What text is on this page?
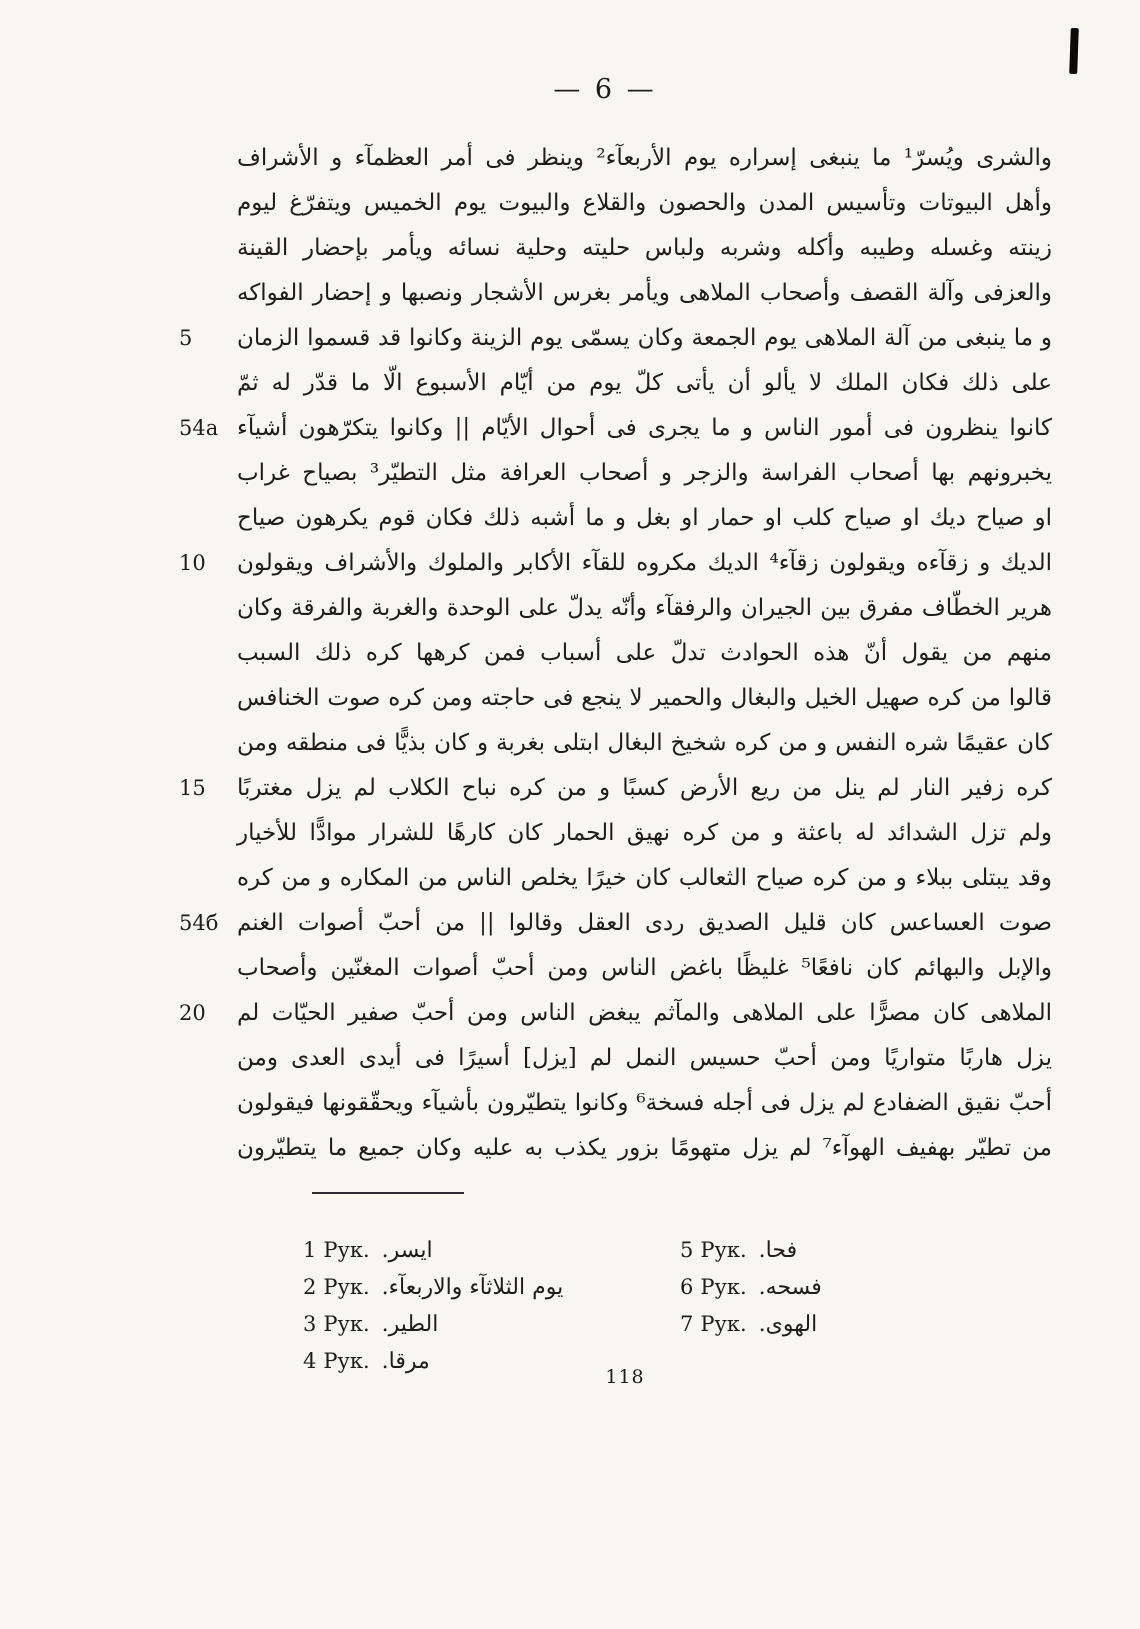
— 6 —
والشرى ويُسرّ¹ ما ينبغى إسراره يوم الأربعآء² وينظر فى أمر العظمآء و الأشراف
وأهل البيوتات وتأسيس المدن والحصون والقلاع والبيوت يوم الخميس ويتفرّغ ليوم
زينته وغسله وطيبه وأكله وشربه ولباس حليته وحلية نسائه ويأمر بإحضار القينة
والعزفى وآلة القصف وأصحاب الملاهى ويأمر بغرس الأشجار ونصبها و إحضار الفواكه
5	و ما ينبغى من آلة الملاهى يوم الجمعة وكان يسمّى يوم الزينة وكانوا قد قسموا الزمان
على ذلك فكان الملك لا يألو أن يأتى كلّ يوم من أيّام الأسبوع الّا ما قدّر له ثمّ
54a كانوا ينظرون فى أمور الناس و ما يجرى فى أحوال الأيّام || وكانوا يتكرّهون أشيآء
يخبرونهم بها أصحاب الفراسة والزجر و أصحاب العرافة مثل التطيّر³ بصياح غراب
او صياح ديك او صياح كلب او حمار او بغل و ما أشبه ذلك فكان قوم يكرهون صياح
10	الديك و زقآءه ويقولون زقآء⁴ الديك مكروه للقآء الأكابر والملوك والأشراف ويقولون
هرير الخطّاف مفرق بين الجيران والرفقآء وأنّه يدلّ على الوحدة والغربة والفرقة وكان
منهم من يقول أنّ هذه الحوادث تدلّ على أسباب فمن كرهها كره ذلك السبب
قالوا من كره صهيل الخيل والبغال والحمير لا ينجع فى حاجته ومن كره صوت الخنافس
كان عقيمًا شره النفس و من كره شخيخ البغال ابتلى بغربة و كان بذيًّا فى منطقه ومن
15	كره زفير النار لم ينل من ريع الأرض كسبًا و من كره نباح الكلاب لم يزل مغتربًا
ولم تزل الشدائد له باعثة و من كره نهيق الحمار كان كارهًا للشرار موادًّا للأخيار
وقد يبتلى ببلاء و من كره صياح الثعالب كان خيرًا يخلص الناس من المكاره و من كره
54б صوت العساعس كان قليل الصديق ردى العقل وقالوا || من أحبّ أصوات الغنم
والإبل والبهائم كان نافعًا⁵ غليظًا باغض الناس ومن أحبّ أصوات المغنّين وأصحاب
20	الملاهى كان مصرًّا على الملاهى والمآثم يبغض الناس ومن أحبّ صفير الحيّات لم
يزل هاربًا متواريًا ومن أحبّ حسيس النمل لم [يزل] أسيرًا فى أيدى العدى ومن
أحبّ نقيق الضفادع لم يزل فى أجله فسخة⁶ وكانوا يتطيّرون بأشيآء ويحقّقونها فيقولون
من تطيّر بهفيف الهوآء⁷ لم يزل متهومًا بزور يكذب به عليه وكان جميع ما يتطيّرون
1 Рук. ايسر.
2 Рук. يوم الثلاثآء والاربعآء.
3 Рук. الطير.
4 Рук. مرقا.
5 Рук. فحا.
6 Рук. فسحه.
7 Рук. الهوى.
118
